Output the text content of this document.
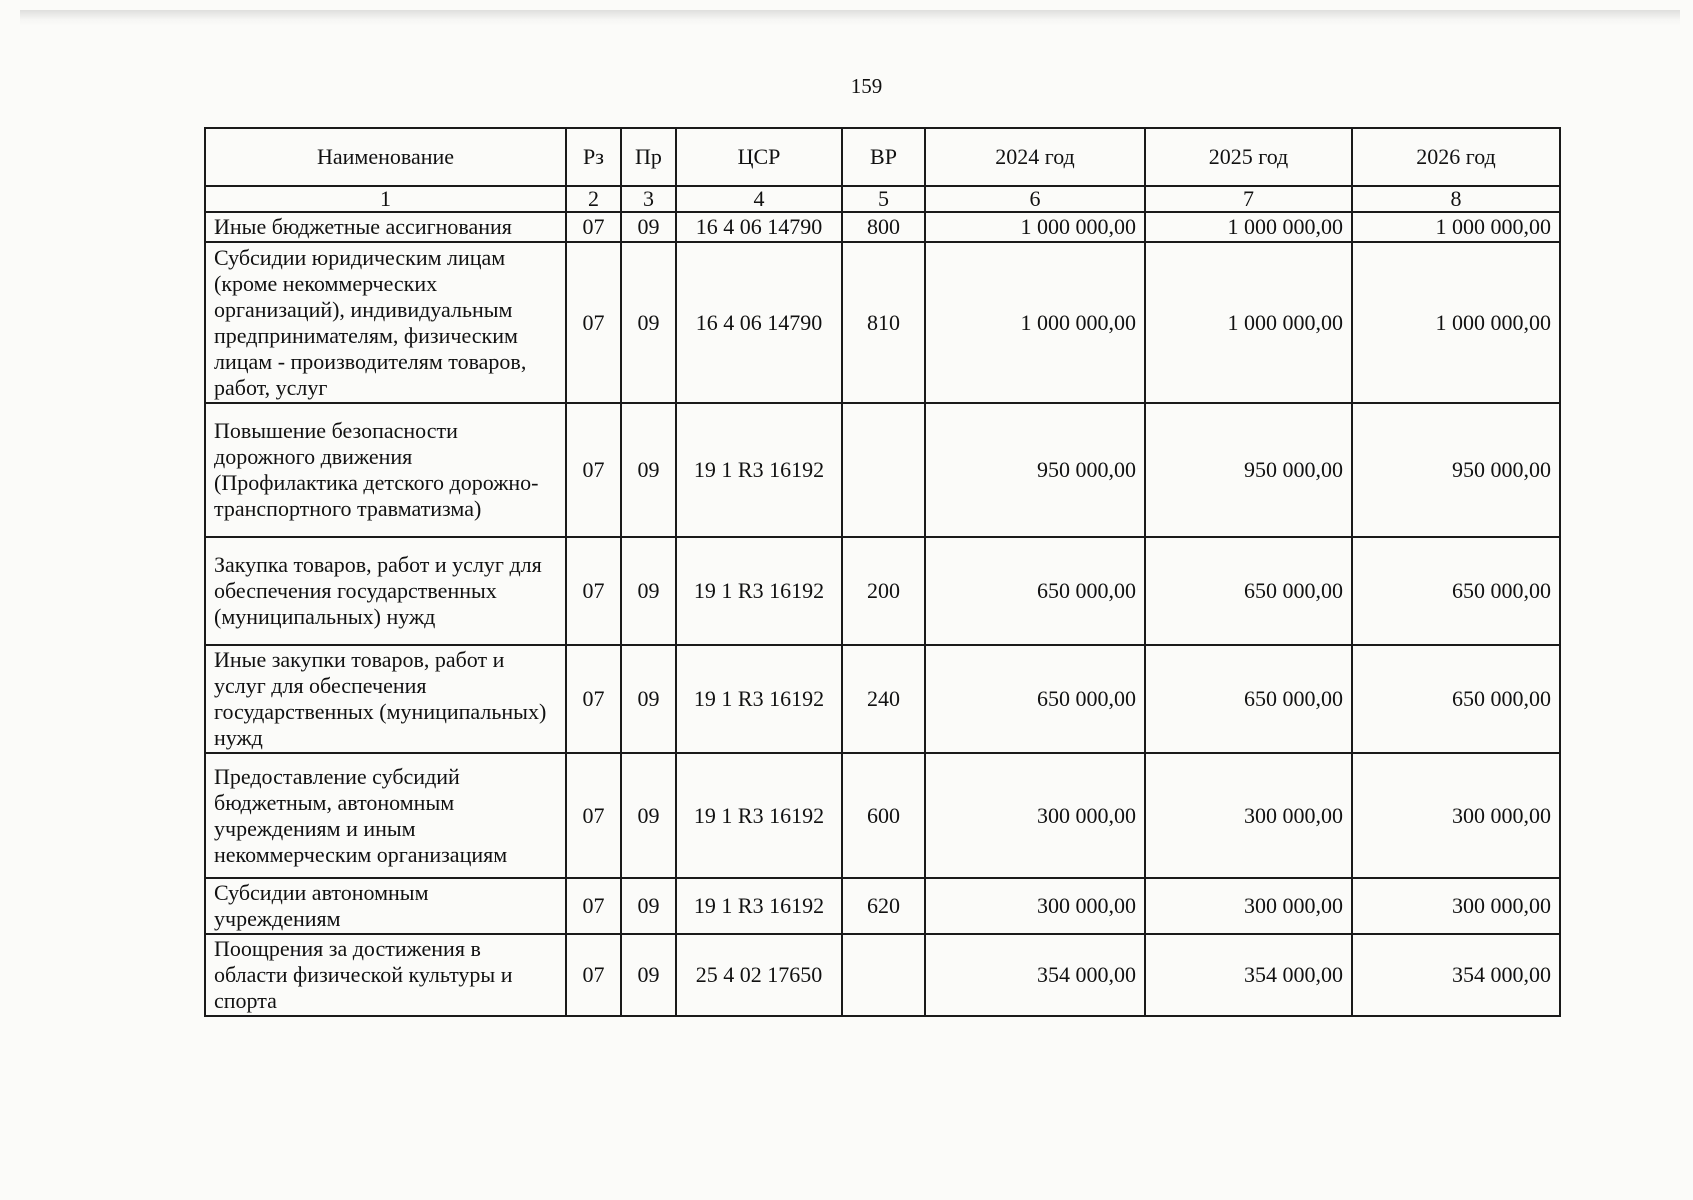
159
Наименование	Рз	Пр	ЦСР	ВР	2024 год	2025 год	2026 год
1	2	3	4	5	6	7	8
Иные бюджетные ассигнования	07	09	16 4 06 14790	800	1 000 000,00	1 000 000,00	1 000 000,00
Субсидии юридическим лицам (кроме некоммерческих организаций), индивидуальным предпринимателям, физическим лицам - производителям товаров, работ, услуг	07	09	16 4 06 14790	810	1 000 000,00	1 000 000,00	1 000 000,00
Повышение безопасности дорожного движения (Профилактика детского дорожно-транспортного травматизма)	07	09	19 1 R3 16192		950 000,00	950 000,00	950 000,00
Закупка товаров, работ и услуг для обеспечения государственных (муниципальных) нужд	07	09	19 1 R3 16192	200	650 000,00	650 000,00	650 000,00
Иные закупки товаров, работ и услуг для обеспечения государственных (муниципальных) нужд	07	09	19 1 R3 16192	240	650 000,00	650 000,00	650 000,00
Предоставление субсидий бюджетным, автономным учреждениям и иным некоммерческим организациям	07	09	19 1 R3 16192	600	300 000,00	300 000,00	300 000,00
Субсидии автономным учреждениям	07	09	19 1 R3 16192	620	300 000,00	300 000,00	300 000,00
Поощрения за достижения в области физической культуры и спорта	07	09	25 4 02 17650		354 000,00	354 000,00	354 000,00
